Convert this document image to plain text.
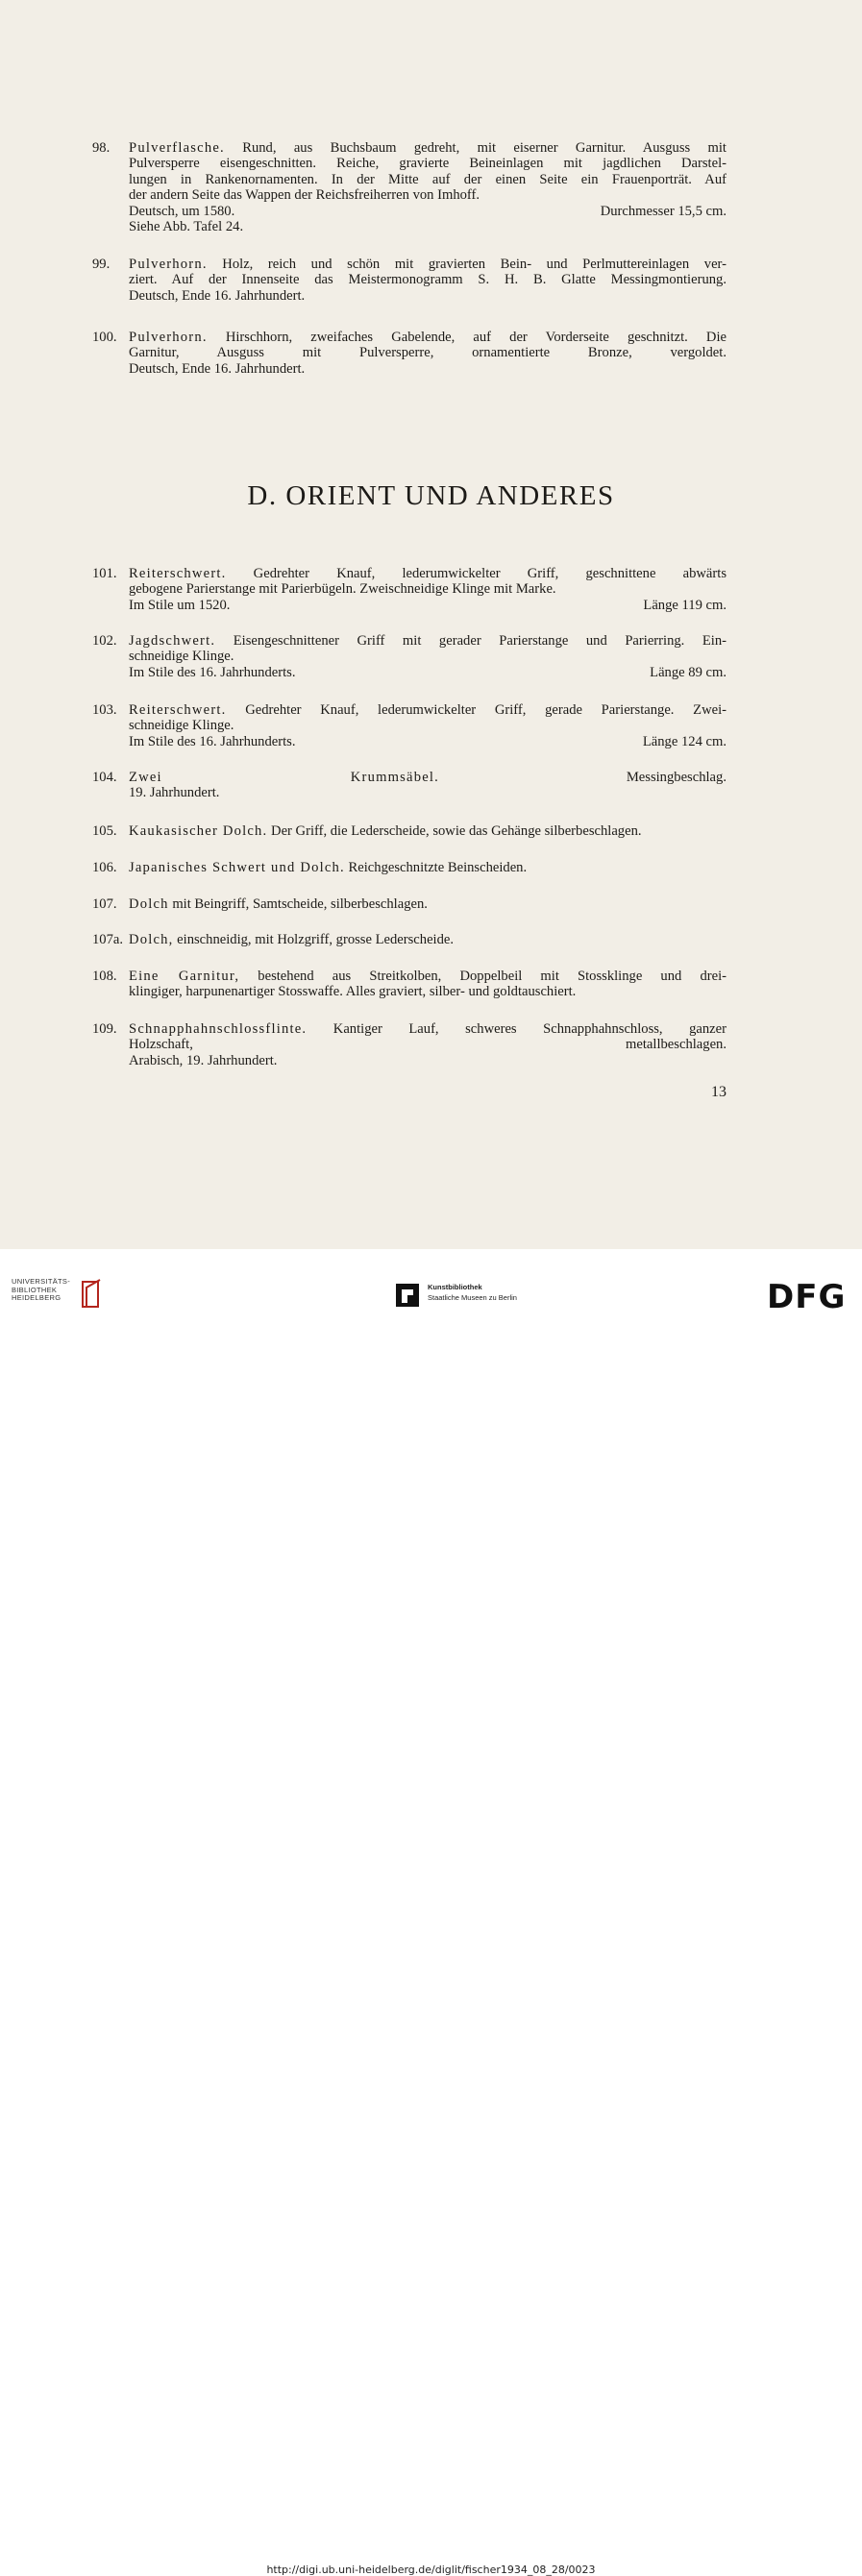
98. Pulverflasche. Rund, aus Buchsbaum gedreht, mit eiserner Garnitur. Ausguss mit
Pulversperre eisengeschnitten. Reiche, gravierte Beineinlagen mit jagdlichen Darstel-
lungen in Rankenornamenten. In der Mitte auf der einen Seite ein Frauenporträt. Auf
der andern Seite das Wappen der Reichsfreiherren von Imhoff.
Deutsch, um 1580.	Durchmesser 15,5 cm.
Siehe Abb. Tafel 24.
99. Pulverhorn. Holz, reich und schön mit gravierten Bein- und Perlmuttereinlagen ver-
ziert. Auf der Innenseite das Meistermonogramm S. H. B. Glatte Messingmontierung.
Deutsch, Ende 16. Jahrhundert.
100. Pulverhorn. Hirschhorn, zweifaches Gabelende, auf der Vorderseite geschnitzt. Die
Garnitur, Ausguss mit Pulversperre, ornamentierte Bronze, vergoldet.
Deutsch, Ende 16. Jahrhundert.
101. Reiterschwert. Gedrehter Knauf, lederumwickelter Griff, geschnittene abwärts
gebogene Parierstange mit Parierbügeln. Zweischneidige Klinge mit Marke.
Im Stile um 1520.	Länge 119 cm.
102. Jagdschwert. Eisengeschnittener Griff mit gerader Parierstange und Parierring. Ein-
schneidige Klinge.
Im Stile des 16. Jahrhunderts.	Länge 89 cm.
103. Reiterschwert. Gedrehter Knauf, lederumwickelter Griff, gerade Parierstange. Zwei-
schneidige Klinge.
Im Stile des 16. Jahrhunderts.	Länge 124 cm.
104. Zwei Krummsäbel. Messingbeschlag.
19. Jahrhundert.
105. Kaukasischer Dolch. Der Griff, die Lederscheide, sowie das Gehänge silberbeschlagen.
106. Japanisches Schwert und Dolch. Reichgeschnitzte Beinscheiden.
107. Dolch mit Beingriff, Samtscheide, silberbeschlagen.
107a. Dolch, einschneidig, mit Holzgriff, grosse Lederscheide.
108. Eine Garnitur, bestehend aus Streitkolben, Doppelbeil mit Stossklinge und drei-
klingiger, harpunenartiger Stosswaffe. Alles graviert, silber- und goldtauschiert.
109. Schnapphahnschlossflinte. Kantiger Lauf, schweres Schnapphahnschloss, ganzer
Holzschaft, metallbeschlagen.
Arabisch, 19. Jahrhundert.
D. ORIENT UND ANDERES
13
UNIVERSITÄTS-
BIBLIOTHEK
HEIDELBERG
Kunstbibliothek
Staatliche Museen zu Berlin	DFG
http://digi.ub.uni-heidelberg.de/diglit/fischer1934_08_28/0023
